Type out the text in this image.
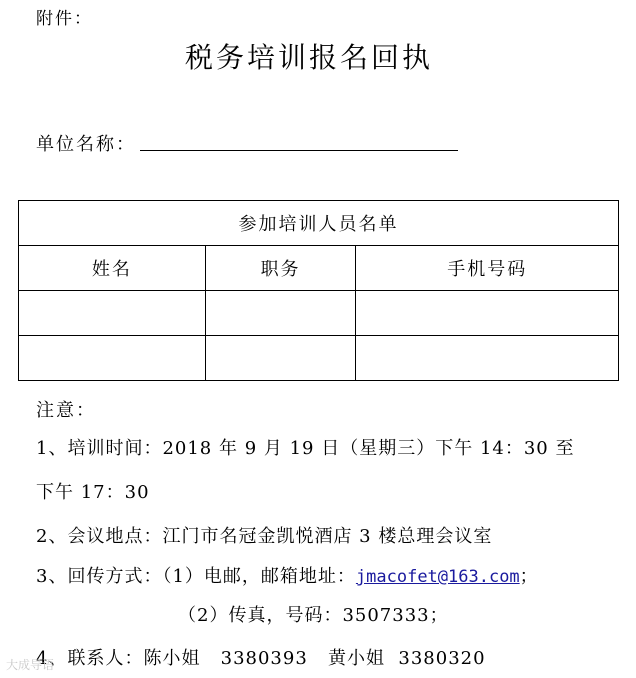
附件：
税务培训报名回执
单位名称：
参加培训人员名单		
姓名	职务	手机号码

注意：
1、培训时间：2018 年 9 月 19 日（星期三）下午 14：30 至
下午 17：30
2、会议地点：江门市名冠金凯悦酒店 3 楼总理会议室
3、回传方式：（1）电邮，邮箱地址：jmacofet@163.com；
（2）传真，号码：3507333；
4、联系人：陈小姐   3380393   黄小姐  3380320
大成导语
